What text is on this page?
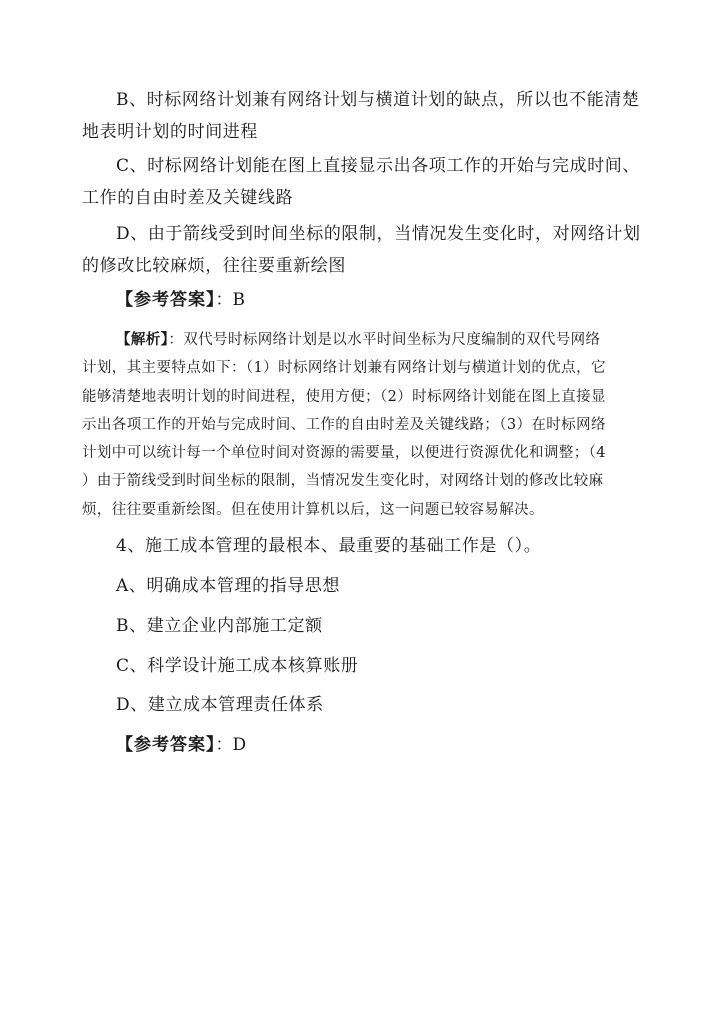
B、时标网络计划兼有网络计划与横道计划的缺点，所以也不能清楚
地表明计划的时间进程
C、时标网络计划能在图上直接显示出各项工作的开始与完成时间、
工作的自由时差及关键线路
D、由于箭线受到时间坐标的限制，当情况发生变化时，对网络计划
的修改比较麻烦，往往要重新绘图
【参考答案】：B
【解析】：双代号时标网络计划是以水平时间坐标为尺度编制的双代号网络
计划，其主要特点如下：（1）时标网络计划兼有网络计划与横道计划的优点，它
能够清楚地表明计划的时间进程，使用方便；（2）时标网络计划能在图上直接显
示出各项工作的开始与完成时间、工作的自由时差及关键线路；（3）在时标网络
计划中可以统计每一个单位时间对资源的需要量，以便进行资源优化和调整；（4
）由于箭线受到时间坐标的限制，当情况发生变化时，对网络计划的修改比较麻
烦，往往要重新绘图。但在使用计算机以后，这一问题已较容易解决。
4、施工成本管理的最根本、最重要的基础工作是（）。
A、明确成本管理的指导思想
B、建立企业内部施工定额
C、科学设计施工成本核算账册
D、建立成本管理责任体系
【参考答案】：D
